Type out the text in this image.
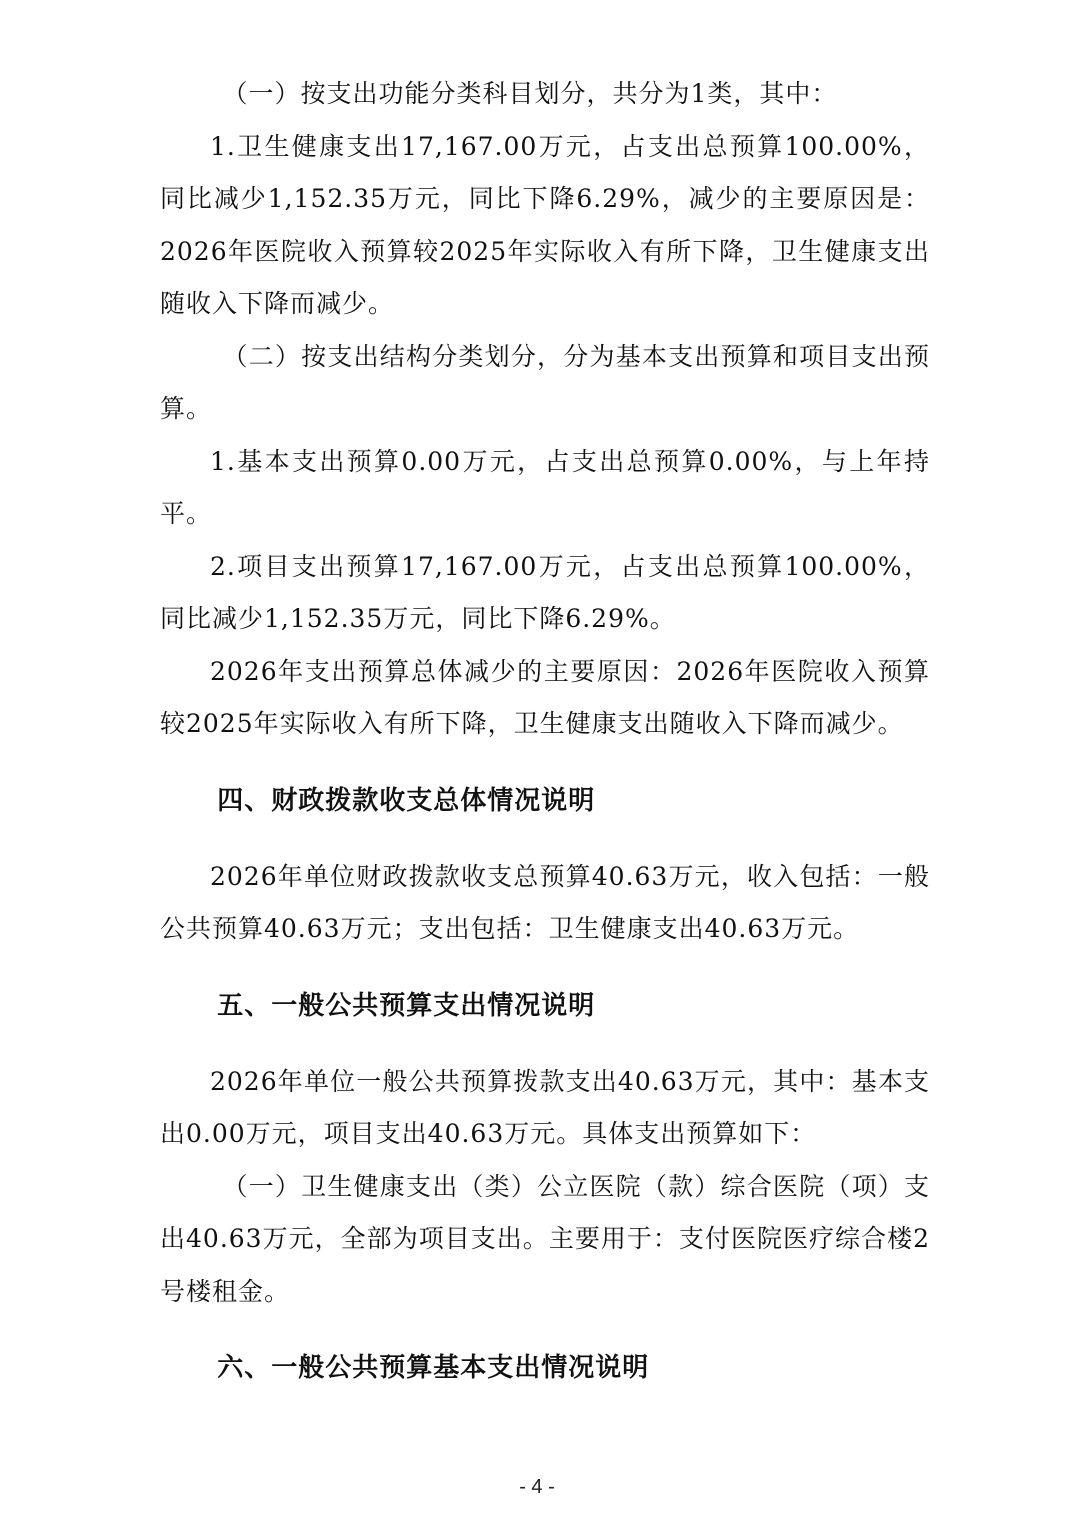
（一）按支出功能分类科目划分，共分为1类，其中：

1.卫生健康支出17,167.00万元，占支出总预算100.00%，同比减少1,152.35万元，同比下降6.29%，减少的主要原因是：2026年医院收入预算较2025年实际收入有所下降，卫生健康支出随收入下降而减少。

（二）按支出结构分类划分，分为基本支出预算和项目支出预算。

1.基本支出预算0.00万元，占支出总预算0.00%，与上年持平。

2.项目支出预算17,167.00万元，占支出总预算100.00%，同比减少1,152.35万元，同比下降6.29%。

2026年支出预算总体减少的主要原因：2026年医院收入预算较2025年实际收入有所下降，卫生健康支出随收入下降而减少。

四、财政拨款收支总体情况说明

2026年单位财政拨款收支总预算40.63万元，收入包括：一般公共预算40.63万元；支出包括：卫生健康支出40.63万元。

五、一般公共预算支出情况说明

2026年单位一般公共预算拨款支出40.63万元，其中：基本支出0.00万元，项目支出40.63万元。具体支出预算如下：

（一）卫生健康支出（类）公立医院（款）综合医院（项）支出40.63万元，全部为项目支出。主要用于：支付医院医疗综合楼2号楼租金。

六、一般公共预算基本支出情况说明
- 4 -
